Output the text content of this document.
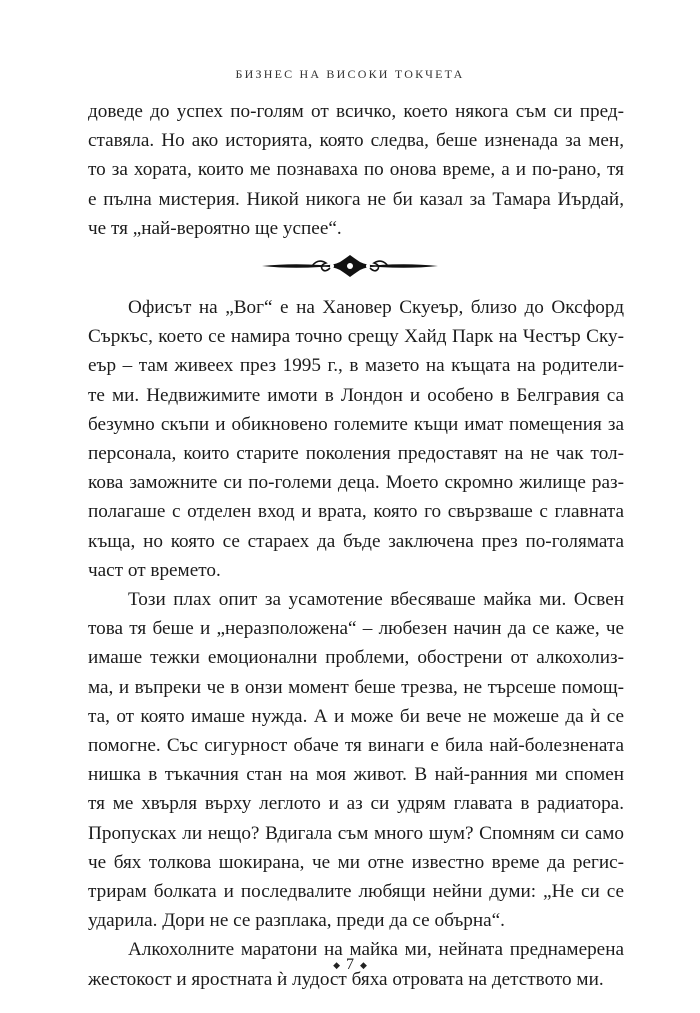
БИЗНЕС НА ВИСОКИ ТОКЧЕТА

доведе до успех по-голям от всичко, което някога съм си пред-
ставяла. Но ако историята, която следва, беше изненада за мен,
то за хората, които ме познаваха по онова време, а и по-рано, тя
е пълна мистерия. Никой никога не би казал за Тамара Иърдай,
че тя „най-вероятно ще успее“.

Офисът на „Вог“ е на Хановер Скуеър, близо до Оксфорд
Съркъс, което се намира точно срещу Хайд Парк на Честър Ску-
еър – там живеех през 1995 г., в мазето на къщата на родители-
те ми. Недвижимите имоти в Лондон и особено в Белгравия са
безумно скъпи и обикновено големите къщи имат помещения за
персонала, които старите поколения предоставят на не чак тол-
кова заможните си по-големи деца. Моето скромно жилище раз-
полагаше с отделен вход и врата, която го свързваше с главната
къща, но която се стараех да бъде заключена през по-голямата
част от времето.

Този плах опит за усамотение вбесяваше майка ми. Освен
това тя беше и „неразположена“ – любезен начин да се каже, че
имаше тежки емоционални проблеми, обострени от алкохолиз-
ма, и въпреки че в онзи момент беше трезва, не търсеше помощ-
та, от която имаше нужда. А и може би вече не можеше да ѝ се
помогне. Със сигурност обаче тя винаги е била най-болезнената
нишка в тъкачния стан на моя живот. В най-ранния ми спомен
тя ме хвърля върху леглото и аз си удрям главата в радиатора.
Пропусках ли нещо? Вдигала съм много шум? Спомням си само
че бях толкова шокирана, че ми отне известно време да регис-
трирам болката и последвалите любящи нейни думи: „Не си се
ударила. Дори не се разплака, преди да се обърна“.

Алкохолните маратони на майка ми, нейната преднамерена
жестокост и яростната ѝ лудост бяха отровата на детството ми.

◆ 7 ◆
